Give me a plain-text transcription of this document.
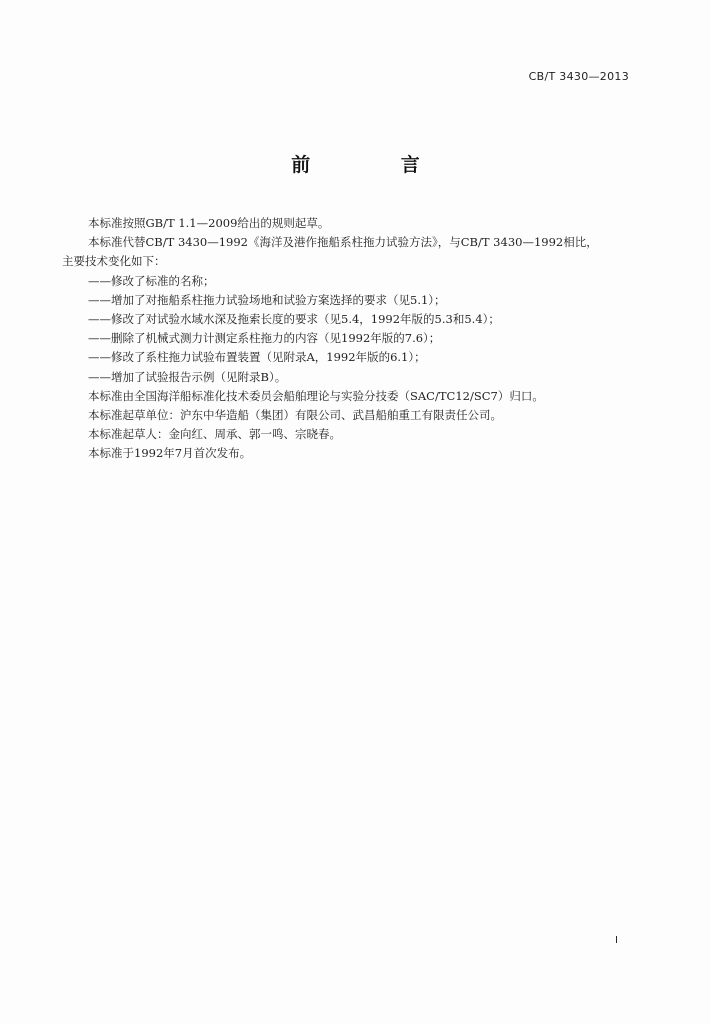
CB/T 3430—2013
前 言
本标准按照GB/T 1.1—2009给出的规则起草。
本标准代替CB/T 3430—1992《海洋及港作拖船系柱拖力试验方法》，与CB/T 3430—1992相比，
主要技术变化如下：
——修改了标准的名称；
——增加了对拖船系柱拖力试验场地和试验方案选择的要求（见5.1）；
——修改了对试验水域水深及拖索长度的要求（见5.4，1992年版的5.3和5.4）；
——删除了机械式测力计测定系柱拖力的内容（见1992年版的7.6）；
——修改了系柱拖力试验布置装置（见附录A，1992年版的6.1）；
——增加了试验报告示例（见附录B）。
本标准由全国海洋船标准化技术委员会船舶理论与实验分技委（SAC/TC12/SC7）归口。
本标准起草单位：沪东中华造船（集团）有限公司、武昌船舶重工有限责任公司。
本标准起草人：金向红、周承、郭一鸣、宗晓春。
本标准于1992年7月首次发布。
I
